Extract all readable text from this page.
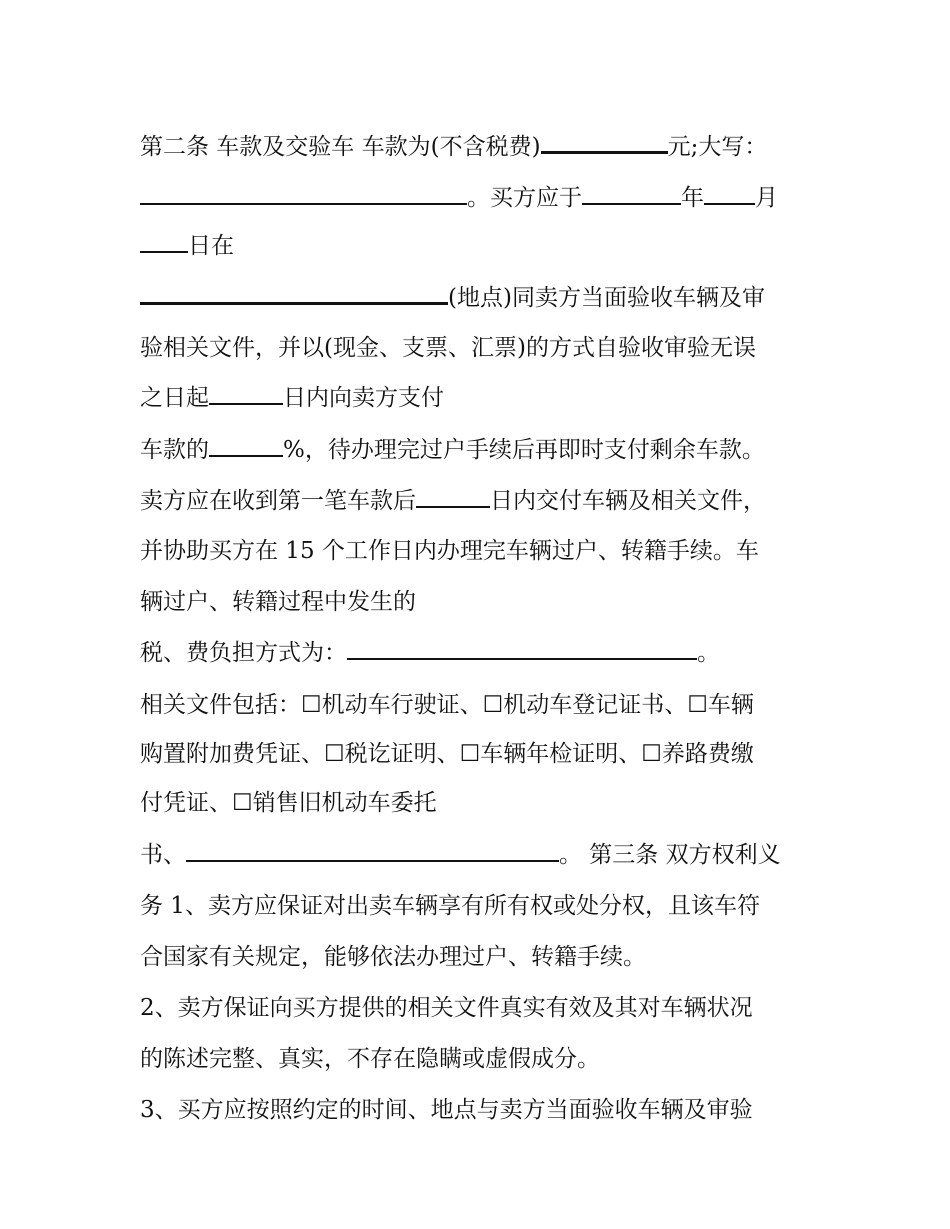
第二条 车款及交验车 车款为(不含税费)	元;大写：
。买方应于	年 月
日在
(地点)同卖方当面验收车辆及审
验相关文件，并以(现金、支票、汇票)的方式自验收审验无误
之日起	日内向卖方支付
车款的	%，待办理完过户手续后再即时支付剩余车款。
卖方应在收到第一笔车款后	日内交付车辆及相关文件，
并协助买方在 15 个工作日内办理完车辆过户、转籍手续。车
辆过户、转籍过程中发生的
税、费负担方式为：	。
相关文件包括：☐机动车行驶证、☐机动车登记证书、☐车辆
购置附加费凭证、☐税讫证明、☐车辆年检证明、☐养路费缴
付凭证、☐销售旧机动车委托
书、	。 第三条 双方权利义
务 1、卖方应保证对出卖车辆享有所有权或处分权，且该车符
合国家有关规定，能够依法办理过户、转籍手续。
2、卖方保证向买方提供的相关文件真实有效及其对车辆状况
的陈述完整、真实，不存在隐瞒或虚假成分。
3、买方应按照约定的时间、地点与卖方当面验收车辆及审验
